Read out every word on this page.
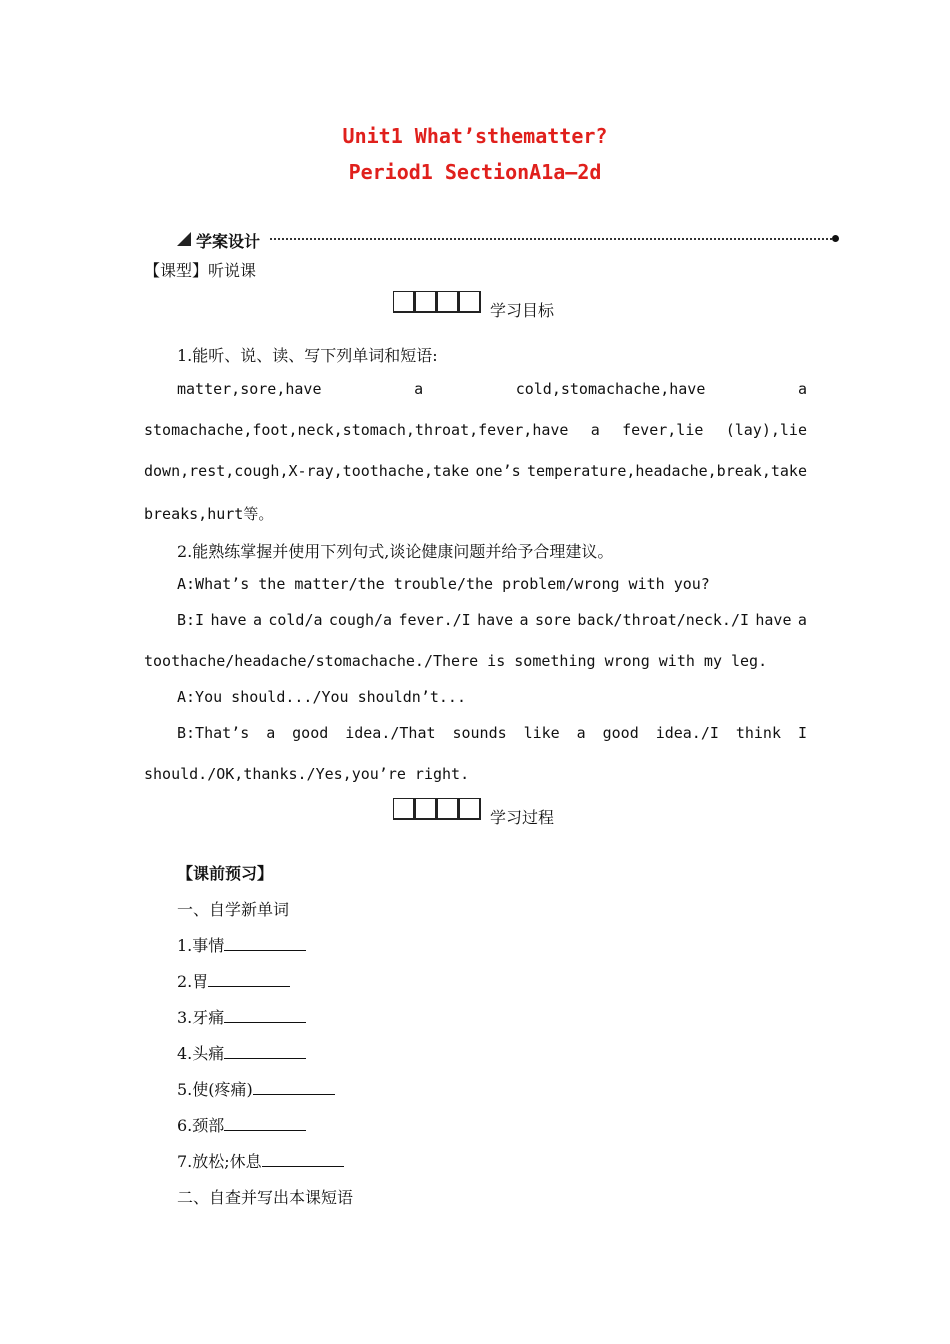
Unit1 What’sthematter?
Period1 SectionA1a—2d
学案设计
【课型】听说课
学习目标
1.能听、说、读、写下列单词和短语:
matter,sore,have	a	cold,stomachache,have	a
stomachache,foot,neck,stomach,throat,fever,have a fever,lie (lay),lie
down,rest,cough,X-ray,toothache,take one’s temperature,headache,break,take
breaks,hurt等。
2.能熟练掌握并使用下列句式,谈论健康问题并给予合理建议。
A:What’s the matter/the trouble/the problem/wrong with you?
B:I have a cold/a cough/a fever./I have a sore back/throat/neck./I have a
toothache/headache/stomachache./There is something wrong with my leg.
A:You should.../You shouldn’t...
B:That’s a good idea./That sounds like a good idea./I think I
should./OK,thanks./Yes,you’re right.
学习过程
【课前预习】
一、自学新单词
1.事情
2.胃
3.牙痛
4.头痛
5.使(疼痛)
6.颈部
7.放松;休息
二、自查并写出本课短语
